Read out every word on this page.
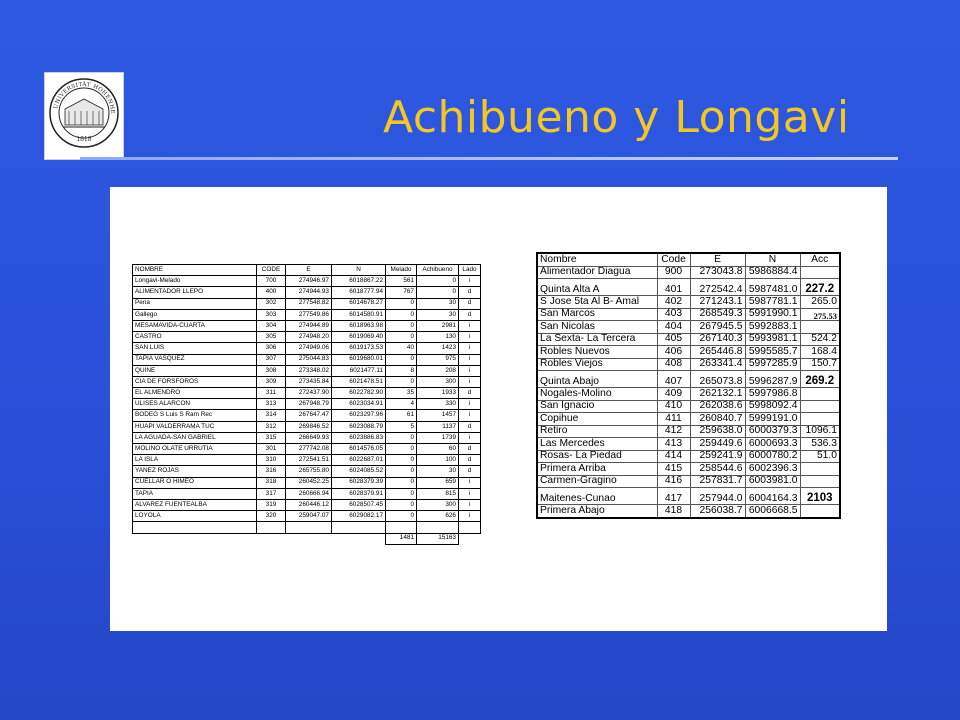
UNIVERSITÄT HOHENHE
1818	Achibueno y Longavi
NOMBRE	CODE	E	N	Melado	Achibueno	Lado
Longavi-Melado	700	274946.97	6018867.22	561	0	i
ALIMENTADOR LLEPO	400	274944.93	6018777.94	767	0	d
Pena	302	277548.82	6014678.27	0	30	d
Gallego	303	277549.86	6014580.91	0	30	d
MESAMAVIDA-CUARTA	304	274944.89	6018963.98	0	2981	i
CASTRO	305	274948.20	6019069.40	0	130	i
SAN LUIS	306	274949.06	6019173.53	40	1423	i
TAPIA VASQUEZ	307	275044.83	6019680.01	0	975	i
QUINE	308	273348.02	6021477.11	8	208	i
CIA DE FORSFOROS	309	273435.84	6021478.51	0	300	i
EL ALMENDRO	311	272437.90	6022782.90	35	1933	d
ULISES ALARCON	313	267948.79	6023034.91	4	330	i
BODEG S Luis S Ram Rec	314	267647.47	6023297.96	61	1457	i
HUAPI VALDERRAMA TUC	312	269846.52	6023088.79	5	1137	d
LA AGUADA-SAN GABRIEL	315	266649.93	6023886.83	0	1739	i
MOLINO OLATE URRUTIA	301	277742.08	6014576.05	0	60	d
LA ISLA	310	272541.51	6022687.01	0	100	d
YANEZ ROJAS	316	265755.80	6024085.52	0	30	d
CUELLAR O HIMEO	318	260452.25	6028379.39	0	659	i
TAPIA	317	260666.94	6028379.91	0	815	i
ALVAREZ FUENTEALBA	319	260446.12	6028507.45	0	300	i
LOYOLA	320	259047.07	6029082.17	0	626	i

				1481	15163	
Nombre	Code	E	N	Acc
Alimentador Diagua	900	273043.8	5986884.4	
Quinta Alta A	401	272542.4	5987481.0	227.2
S Jose 5ta Al B- Amal	402	271243.1	5987781.1	265.0
San Marcos	403	268549.3	5991990.1	275.53
San Nicolas	404	267945.5	5992883.1	
La Sexta- La Tercera	405	267140.3	5993981.1	524.2
Robles Nuevos	406	265446.8	5995585.7	168.4
Robles Viejos	408	263341.4	5997285.9	150.7
Quinta Abajo	407	265073.8	5996287.9	269.2
Nogales-Molino	409	262132.1	5997986.8	
San Ignacio	410	262038.6	5998092.4	
Copihue	411	260840.7	5999191.0	
Retiro	412	259638.0	6000379.3	1096.1
Las Mercedes	413	259449.6	6000693.3	536.3
Rosas- La Piedad	414	259241.9	6000780.2	51.0
Primera Arriba	415	258544.6	6002396.3	
Carmen-Gragino	416	257831.7	6003981.0	
Maitenes-Cunao	417	257944.0	6004164.3	2103
Primera Abajo	418	256038.7	6006668.5	
